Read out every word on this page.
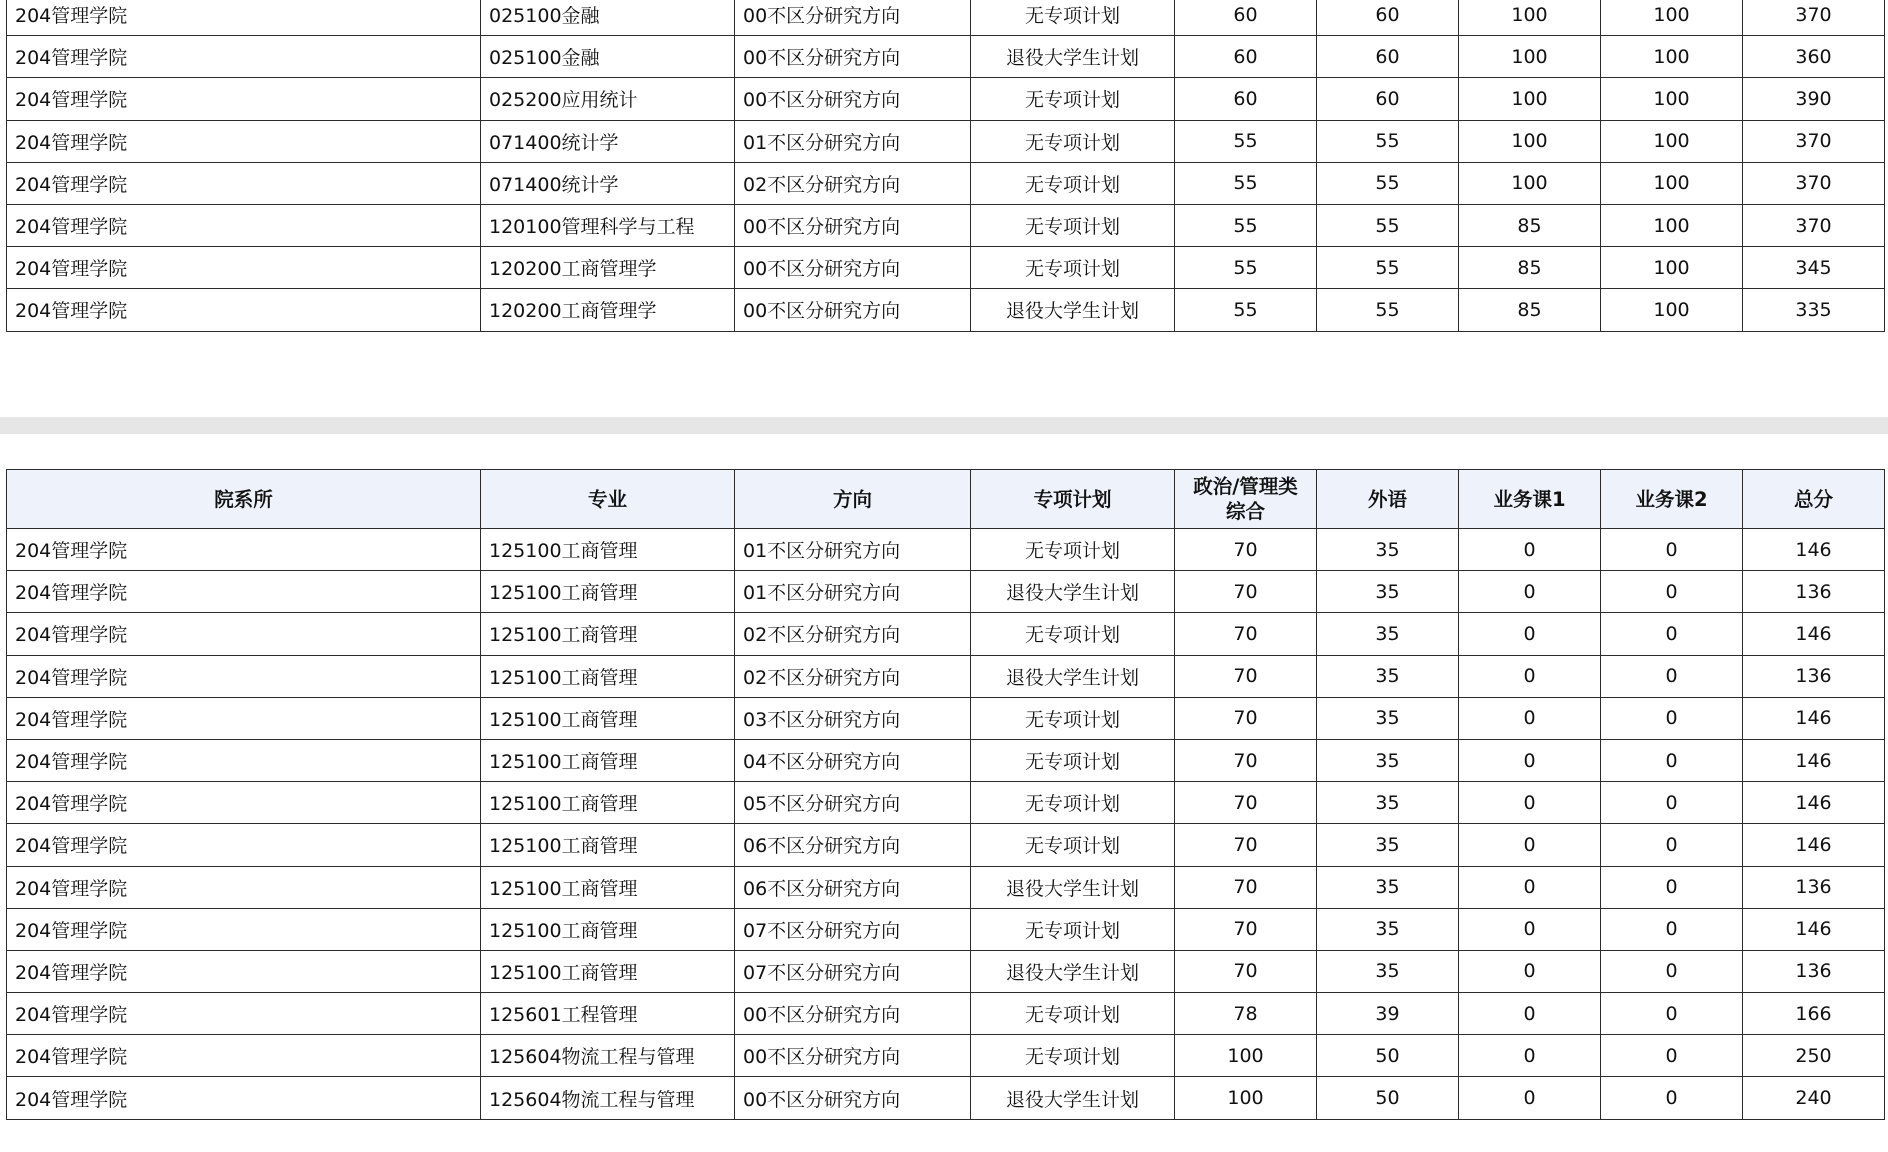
204管理学院	025100金融	00不区分研究方向	无专项计划	60	60	100	100	370
204管理学院	025100金融	00不区分研究方向	退役大学生计划	60	60	100	100	360
204管理学院	025200应用统计	00不区分研究方向	无专项计划	60	60	100	100	390
204管理学院	071400统计学	01不区分研究方向	无专项计划	55	55	100	100	370
204管理学院	071400统计学	02不区分研究方向	无专项计划	55	55	100	100	370
204管理学院	120100管理科学与工程	00不区分研究方向	无专项计划	55	55	85	100	370
204管理学院	120200工商管理学	00不区分研究方向	无专项计划	55	55	85	100	345
204管理学院	120200工商管理学	00不区分研究方向	退役大学生计划	55	55	85	100	335
院系所	专业	方向	专项计划	政治/管理类综合	外语	业务课1	业务课2	总分
204管理学院	125100工商管理	01不区分研究方向	无专项计划	70	35	0	0	146
204管理学院	125100工商管理	01不区分研究方向	退役大学生计划	70	35	0	0	136
204管理学院	125100工商管理	02不区分研究方向	无专项计划	70	35	0	0	146
204管理学院	125100工商管理	02不区分研究方向	退役大学生计划	70	35	0	0	136
204管理学院	125100工商管理	03不区分研究方向	无专项计划	70	35	0	0	146
204管理学院	125100工商管理	04不区分研究方向	无专项计划	70	35	0	0	146
204管理学院	125100工商管理	05不区分研究方向	无专项计划	70	35	0	0	146
204管理学院	125100工商管理	06不区分研究方向	无专项计划	70	35	0	0	146
204管理学院	125100工商管理	06不区分研究方向	退役大学生计划	70	35	0	0	136
204管理学院	125100工商管理	07不区分研究方向	无专项计划	70	35	0	0	146
204管理学院	125100工商管理	07不区分研究方向	退役大学生计划	70	35	0	0	136
204管理学院	125601工程管理	00不区分研究方向	无专项计划	78	39	0	0	166
204管理学院	125604物流工程与管理	00不区分研究方向	无专项计划	100	50	0	0	250
204管理学院	125604物流工程与管理	00不区分研究方向	退役大学生计划	100	50	0	0	240
